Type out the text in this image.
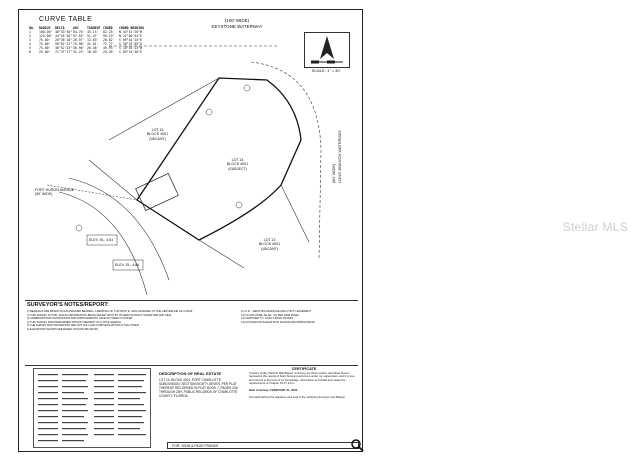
CURVE TABLE
NO.	RADIUS	DELTA	ARC	TANGENT CHORD	CHORD BEARING
1	100.00' 48°33'50" 84.76' 45.13'	82.25'	N 43°51'26"W
2	125.00' 44°45'40" 97.65' 51.47'	95.19'	N 21°00'54"E
3	75.00'	20°36'10" 26.97' 13.63'	26.82'	S 69°44'25"E
4	75.00'	58°02'31" 75.98' 41.61'	72.77'	S 30°25'05"E
5	75.00'	38°52'53" 50.90' 26.48'	49.93'	S 18°55'23"W
6	25.00'	71°37'17" 31.25' 18.03'	29.26'	S 89°14'46"E
(100' WIDE)
KEYSTONE WATERWAY
SCALE: 1" = 30'
(80' WIDE) LONG BRANCH WATERWAY
FORT HURON AVENUE
(50' WIDE)
LOT 14
BLOCK 4001
(SUBJECT)
LOT 15
BLOCK 4001
(VACANT)
LOT 13
BLOCK 4001
(VACANT)
ELEV. EL. 4.61
ELEV. EL. 4.66
SURVEYOR'S NOTES/REPORT:
1) BEARINGS ARE BASED ON AN ASSUMED BEARING, A BEARING OF S 00°00'00" E, WAS ASSIGNED TO THE CENTERLINE OF CURVE
2) THIS SURVEY IS VOID, AND AN INFORMATION BEING RELIED UPON BY OTHERS WITHOUT SIGNATURE AND SEAL
3) UNDERGROUND FOUNDATIONS AND IMPROVEMENTS HAVE NOT BEEN LOCATED
4) THIS SURVEY WAS PERFORMED WITHOUT BENEFIT OF A TITLE SEARCH
5) THE SURVEY MAP AND REPORT ARE NOT FULL AND COMPLETE WITHOUT THE OTHER
6) ELEVATIONS SHOWN ARE BASED ON NAVD 88 DATUM
11) U.D. - DENOTES DRAINAGE AND UTILITY EASEMENT
12) FLOOD ZONE: AE (EL. 10) PER FIRM PANEL
13) CERTIFIED TO: JOHN & PAGE FRANKS
14) FOUNDATION ELEVATIONS SHOWN ARE APPROXIMATE
DESCRIPTION OF REAL ESTATE
LOT 14, BLOCK 4001, PORT CHARLOTTE SUBDIVISION, SECTION EIGHTY-SEVEN, PER PLAT THEREOF RECORDED IN PLAT BOOK 7, PAGES 23A THROUGH 23H, PUBLIC RECORDS OF CHARLOTTE COUNTY, FLORIDA.
CERTIFICATE
I hereby certify that this Map/Report of Survey as shown and/or described hereon represents the results of Field Surveys performed under my supervision, and it is true and correct to the best of my knowledge, information and belief and meets the requirements of Chapter 5J-17 F.A.C.
Date of Survey: FEBRUARY 21, 2022
Not valid without the signature and seal of the certifying Surveyor and Mapper
FOR: JOHN & PAGE FRANKS
Stellar MLS
